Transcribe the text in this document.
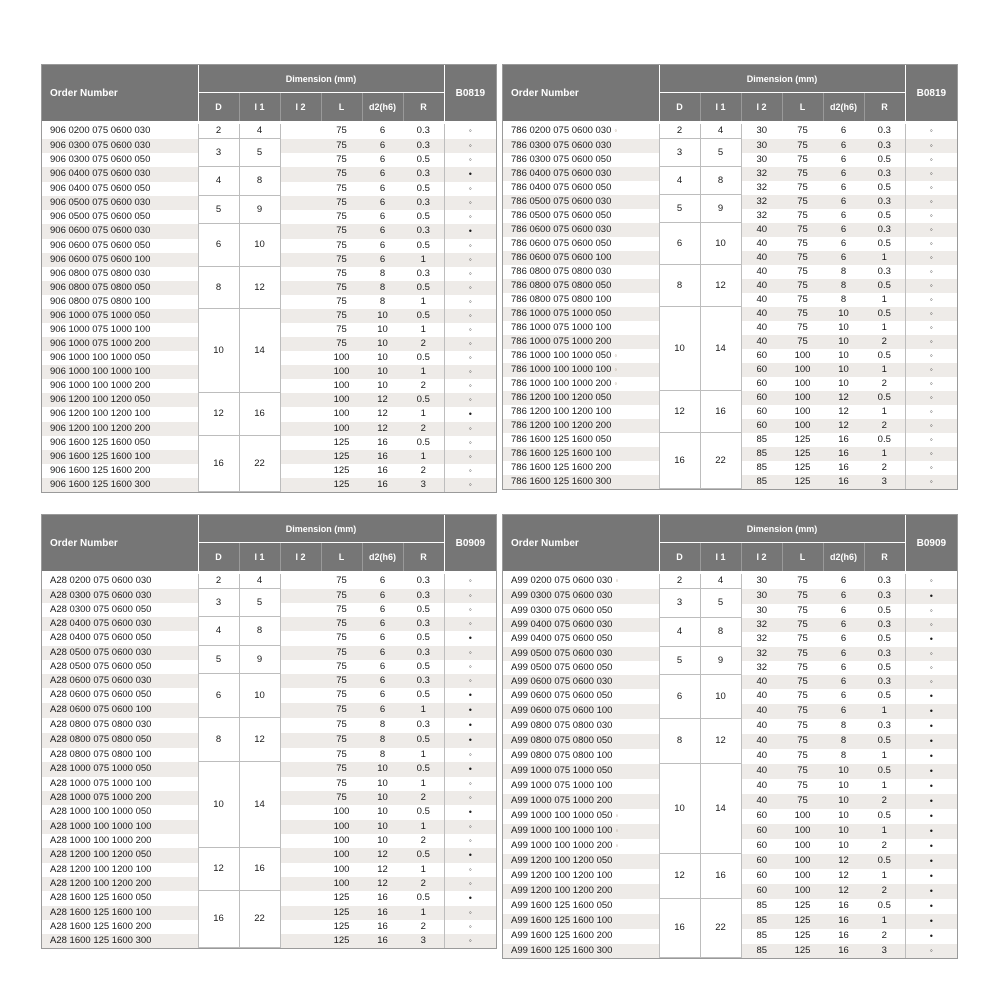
Order Number	Dimension (mm)						B0819
	D	l 1	l 2	L	d2(h6)	R	
906 0200 075 0600 030	2	4		75	6	0.3	◦
906 0300 075 0600 030	3	5		75	6	0.3	◦
906 0300 075 0600 050				75	6	0.5	◦
906 0400 075 0600 030	4	8		75	6	0.3	•
906 0400 075 0600 050				75	6	0.5	◦
906 0500 075 0600 030	5	9		75	6	0.3	◦
906 0500 075 0600 050				75	6	0.5	◦
906 0600 075 0600 030	6	10		75	6	0.3	•
906 0600 075 0600 050				75	6	0.5	◦
906 0600 075 0600 100				75	6	1	◦
906 0800 075 0800 030	8	12		75	8	0.3	◦
906 0800 075 0800 050				75	8	0.5	◦
906 0800 075 0800 100				75	8	1	◦
906 1000 075 1000 050	10	14		75	10	0.5	◦
906 1000 075 1000 100				75	10	1	◦
906 1000 075 1000 200				75	10	2	◦
906 1000 100 1000 050				100	10	0.5	◦
906 1000 100 1000 100				100	10	1	◦
906 1000 100 1000 200				100	10	2	◦
906 1200 100 1200 050	12	16		100	12	0.5	◦
906 1200 100 1200 100				100	12	1	•
906 1200 100 1200 200				100	12	2	◦
906 1600 125 1600 050	16	22		125	16	0.5	◦
906 1600 125 1600 100				125	16	1	◦
906 1600 125 1600 200				125	16	2	◦
906 1600 125 1600 300				125	16	3	◦
Order Number	Dimension (mm)						B0819
	D	l 1	l 2	L	d2(h6)	R	
786 0200 075 0600 030 ◦	2	4	30	75	6	0.3	◦
786 0300 075 0600 030	3	5	30	75	6	0.3	◦
786 0300 075 0600 050			30	75	6	0.5	◦
786 0400 075 0600 030	4	8	32	75	6	0.3	◦
786 0400 075 0600 050			32	75	6	0.5	◦
786 0500 075 0600 030	5	9	32	75	6	0.3	◦
786 0500 075 0600 050			32	75	6	0.5	◦
786 0600 075 0600 030	6	10	40	75	6	0.3	◦
786 0600 075 0600 050			40	75	6	0.5	◦
786 0600 075 0600 100			40	75	6	1	◦
786 0800 075 0800 030	8	12	40	75	8	0.3	◦
786 0800 075 0800 050			40	75	8	0.5	◦
786 0800 075 0800 100			40	75	8	1	◦
786 1000 075 1000 050	10	14	40	75	10	0.5	◦
786 1000 075 1000 100			40	75	10	1	◦
786 1000 075 1000 200			40	75	10	2	◦
786 1000 100 1000 050 ◦			60	100	10	0.5	◦
786 1000 100 1000 100 ◦			60	100	10	1	◦
786 1000 100 1000 200 ◦			60	100	10	2	◦
786 1200 100 1200 050	12	16	60	100	12	0.5	◦
786 1200 100 1200 100			60	100	12	1	◦
786 1200 100 1200 200			60	100	12	2	◦
786 1600 125 1600 050	16	22	85	125	16	0.5	◦
786 1600 125 1600 100			85	125	16	1	◦
786 1600 125 1600 200			85	125	16	2	◦
786 1600 125 1600 300			85	125	16	3	◦
Order Number	Dimension (mm)						B0909
	D	l 1	l 2	L	d2(h6)	R	
A28 0200 075 0600 030	2	4		75	6	0.3	◦
A28 0300 075 0600 030	3	5		75	6	0.3	◦
A28 0300 075 0600 050				75	6	0.5	◦
A28 0400 075 0600 030	4	8		75	6	0.3	◦
A28 0400 075 0600 050				75	6	0.5	•
A28 0500 075 0600 030	5	9		75	6	0.3	◦
A28 0500 075 0600 050				75	6	0.5	◦
A28 0600 075 0600 030	6	10		75	6	0.3	◦
A28 0600 075 0600 050				75	6	0.5	•
A28 0600 075 0600 100				75	6	1	•
A28 0800 075 0800 030	8	12		75	8	0.3	•
A28 0800 075 0800 050				75	8	0.5	•
A28 0800 075 0800 100				75	8	1	◦
A28 1000 075 1000 050	10	14		75	10	0.5	•
A28 1000 075 1000 100				75	10	1	◦
A28 1000 075 1000 200				75	10	2	◦
A28 1000 100 1000 050				100	10	0.5	•
A28 1000 100 1000 100				100	10	1	◦
A28 1000 100 1000 200				100	10	2	◦
A28 1200 100 1200 050	12	16		100	12	0.5	•
A28 1200 100 1200 100				100	12	1	◦
A28 1200 100 1200 200				100	12	2	◦
A28 1600 125 1600 050	16	22		125	16	0.5	•
A28 1600 125 1600 100				125	16	1	◦
A28 1600 125 1600 200				125	16	2	◦
A28 1600 125 1600 300				125	16	3	◦
Order Number	Dimension (mm)						B0909
	D	l 1	l 2	L	d2(h6)	R	
A99 0200 075 0600 030 ◦	2	4	30	75	6	0.3	◦
A99 0300 075 0600 030	3	5	30	75	6	0.3	•
A99 0300 075 0600 050			30	75	6	0.5	◦
A99 0400 075 0600 030	4	8	32	75	6	0.3	◦
A99 0400 075 0600 050			32	75	6	0.5	•
A99 0500 075 0600 030	5	9	32	75	6	0.3	◦
A99 0500 075 0600 050			32	75	6	0.5	◦
A99 0600 075 0600 030	6	10	40	75	6	0.3	◦
A99 0600 075 0600 050			40	75	6	0.5	•
A99 0600 075 0600 100			40	75	6	1	•
A99 0800 075 0800 030	8	12	40	75	8	0.3	•
A99 0800 075 0800 050			40	75	8	0.5	•
A99 0800 075 0800 100			40	75	8	1	•
A99 1000 075 1000 050	10	14	40	75	10	0.5	•
A99 1000 075 1000 100			40	75	10	1	•
A99 1000 075 1000 200			40	75	10	2	•
A99 1000 100 1000 050 ◦			60	100	10	0.5	•
A99 1000 100 1000 100 ◦			60	100	10	1	•
A99 1000 100 1000 200 ◦			60	100	10	2	•
A99 1200 100 1200 050	12	16	60	100	12	0.5	•
A99 1200 100 1200 100			60	100	12	1	•
A99 1200 100 1200 200			60	100	12	2	•
A99 1600 125 1600 050	16	22	85	125	16	0.5	•
A99 1600 125 1600 100			85	125	16	1	•
A99 1600 125 1600 200			85	125	16	2	•
A99 1600 125 1600 300			85	125	16	3	◦
